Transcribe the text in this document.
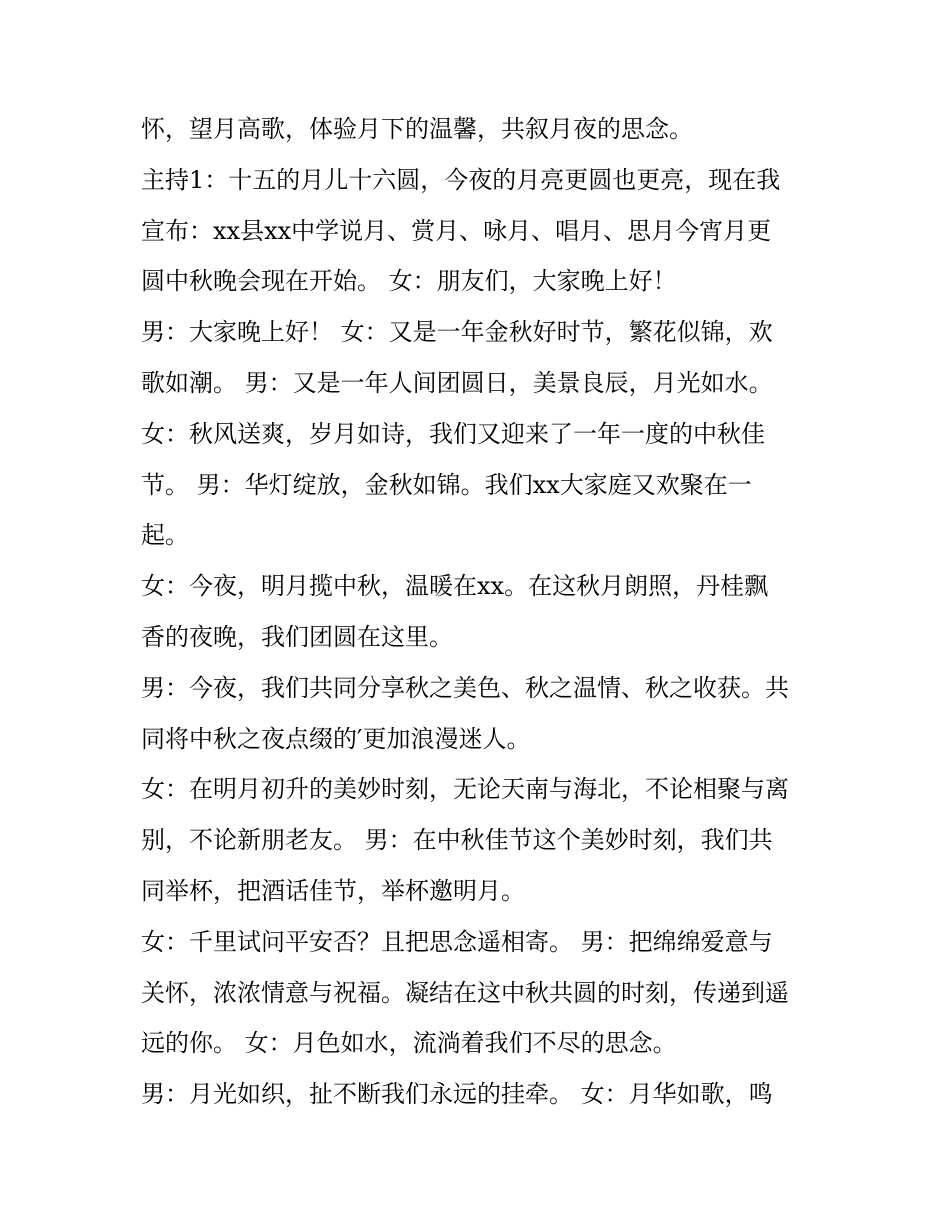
怀，望月高歌，体验月下的温馨，共叙月夜的思念。
主持1：十五的月儿十六圆，今夜的月亮更圆也更亮，现在我
宣布：xx县xx中学说月、赏月、咏月、唱月、思月今宵月更
圆中秋晚会现在开始。 女：朋友们，大家晚上好！
男：大家晚上好！ 女：又是一年金秋好时节，繁花似锦，欢
歌如潮。 男：又是一年人间团圆日，美景良辰，月光如水。
女：秋风送爽，岁月如诗，我们又迎来了一年一度的中秋佳
节。 男：华灯绽放，金秋如锦。我们xx大家庭又欢聚在一
起。
女：今夜，明月揽中秋，温暖在xx。在这秋月朗照，丹桂飘
香的夜晚，我们团圆在这里。
男：今夜，我们共同分享秋之美色、秋之温情、秋之收获。共
同将中秋之夜点缀的′更加浪漫迷人。
女：在明月初升的美妙时刻，无论天南与海北，不论相聚与离
别，不论新朋老友。 男：在中秋佳节这个美妙时刻，我们共
同举杯，把酒话佳节，举杯邀明月。
女：千里试问平安否？且把思念遥相寄。 男：把绵绵爱意与
关怀，浓浓情意与祝福。凝结在这中秋共圆的时刻，传递到遥
远的你。 女：月色如水，流淌着我们不尽的思念。
男：月光如织，扯不断我们永远的挂牵。 女：月华如歌，鸣
